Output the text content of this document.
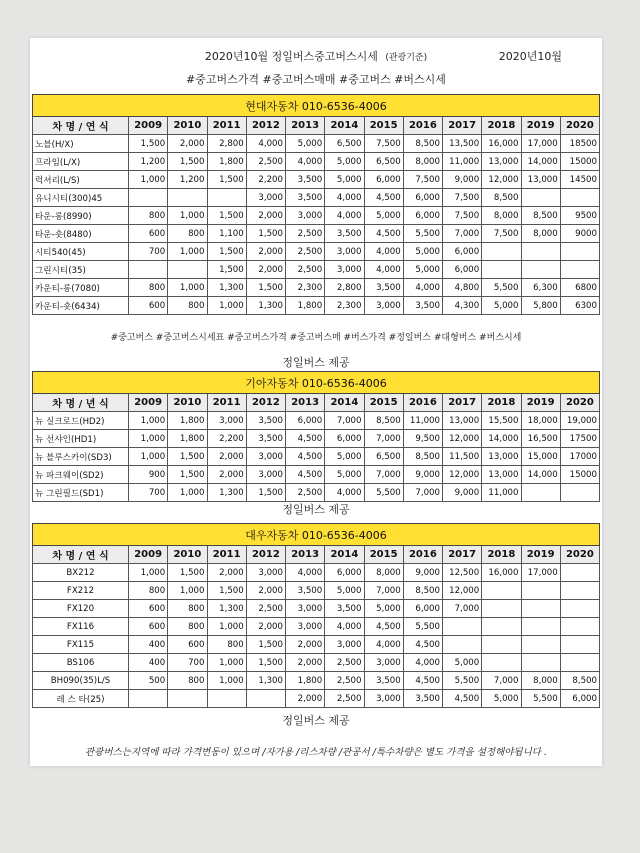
2020년10월 정일버스중고버스시세 (관광기준)	2020년10월
#중고버스가격 #중고버스매매 #중고버스 #버스시세
현대자동차 010-6536-4006												
차 명 / 연 식	2009	2010	2011	2012	2013	2014	2015	2016	2017	2018	2019	2020
노블(H/X)	1,500	2,000	2,800	4,000	5,000	6,500	7,500	8,500	13,500	16,000	17,000	18500
프라임(L/X)	1,200	1,500	1,800	2,500	4,000	5,000	6,500	8,000	11,000	13,000	14,000	15000
럭셔리(L/S)	1,000	1,200	1,500	2,200	3,500	5,000	6,000	7,500	9,000	12,000	13,000	14500
유니시티(300)45				3,000	3,500	4,000	4,500	6,000	7,500	8,500		
타운-롱(8990)	800	1,000	1,500	2,000	3,000	4,000	5,000	6,000	7,500	8,000	8,500	9500
타운-숏(8480)	600	800	1,100	1,500	2,500	3,500	4,500	5,500	7,000	7,500	8,000	9000
시티540(45)	700	1,000	1,500	2,000	2,500	3,000	4,000	5,000	6,000			
그린시티(35)			1,500	2,000	2,500	3,000	4,000	5,000	6,000			
카운티-롱(7080)	800	1,000	1,300	1,500	2,300	2,800	3,500	4,000	4,800	5,500	6,300	6800
카운티-숏(6434)	600	800	1,000	1,300	1,800	2,300	3,000	3,500	4,300	5,000	5,800	6300
#중고버스 #중고버스시세표 #중고버스가격 #중고버스매 #버스가격 #정일버스 #대형버스 #버스시세
정일버스 제공
기아자동차 010-6536-4006												
차 명 / 년 식	2009	2010	2011	2012	2013	2014	2015	2016	2017	2018	2019	2020
뉴 실크로드(HD2)	1,000	1,800	3,000	3,500	6,000	7,000	8,500	11,000	13,000	15,500	18,000	19,000
뉴 선샤인(HD1)	1,000	1,800	2,200	3,500	4,500	6,000	7,000	9,500	12,000	14,000	16,500	17500
뉴 블루스카이(SD3)	1,000	1,500	2,000	3,000	4,500	5,000	6,500	8,500	11,500	13,000	15,000	17000
뉴 파크웨이(SD2)	900	1,500	2,000	3,000	4,500	5,000	7,000	9,000	12,000	13,000	14,000	15000
뉴 그린필드(SD1)	700	1,000	1,300	1,500	2,500	4,000	5,500	7,000	9,000	11,000		
정일버스 제공
대우자동차 010-6536-4006												
차 명 / 연 식	2009	2010	2011	2012	2013	2014	2015	2016	2017	2018	2019	2020
BX212	1,000	1,500	2,000	3,000	4,000	6,000	8,000	9,000	12,500	16,000	17,000	
FX212	800	1,000	1,500	2,000	3,500	5,000	7,000	8,500	12,000			
FX120	600	800	1,300	2,500	3,000	3,500	5,000	6,000	7,000			
FX116	600	800	1,000	2,000	3,000	4,000	4,500	5,500				
FX115	400	600	800	1,500	2,000	3,000	4,000	4,500				
BS106	400	700	1,000	1,500	2,000	2,500	3,000	4,000	5,000			
BH090(35)L/S	500	800	1,000	1,300	1,800	2,500	3,500	4,500	5,500	7,000	8,000	8,500
레 스 타(25)					2,000	2,500	3,000	3,500	4,500	5,000	5,500	6,000
정일버스 제공
관광버스는지역에 따라 가격변동이 있으며 /자가용 /리스차량 /관공서 /특수차량은 별도 가격을 설정해야됩니다 .
